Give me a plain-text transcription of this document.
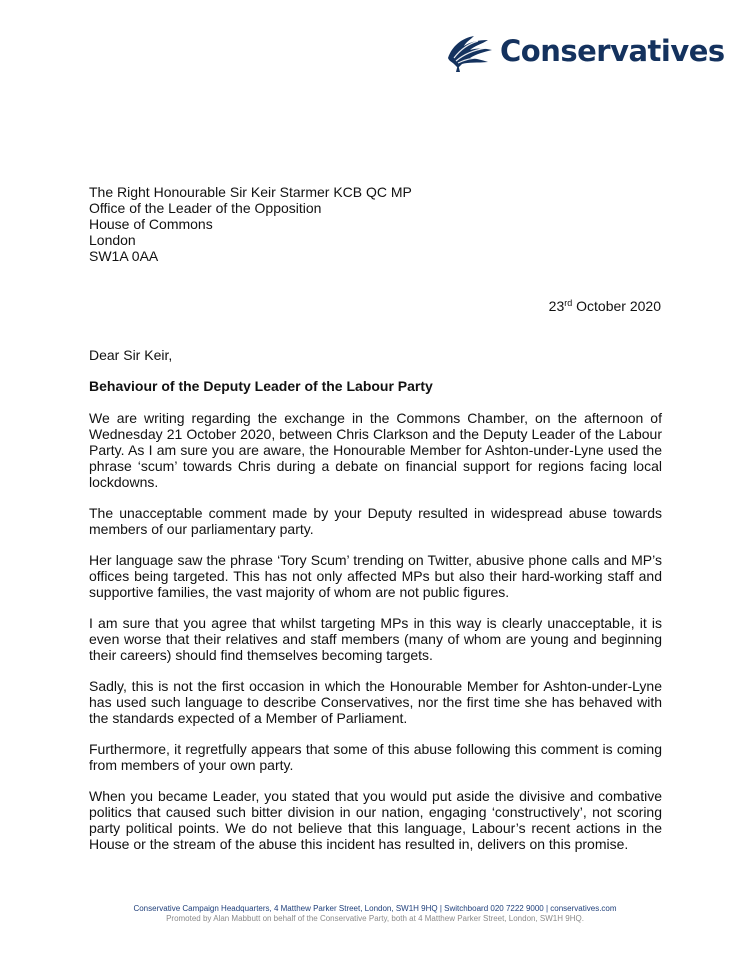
Conservatives
The Right Honourable Sir Keir Starmer KCB QC MP
Office of the Leader of the Opposition
House of Commons
London
SW1A 0AA
23rd October 2020
Dear Sir Keir,
Behaviour of the Deputy Leader of the Labour Party

We are writing regarding the exchange in the Commons Chamber, on the afternoon of Wednesday 21 October 2020, between Chris Clarkson and the Deputy Leader of the Labour Party. As I am sure you are aware, the Honourable Member for Ashton-under-Lyne used the phrase ‘scum’ towards Chris during a debate on financial support for regions facing local lockdowns.

The unacceptable comment made by your Deputy resulted in widespread abuse towards members of our parliamentary party.

Her language saw the phrase ‘Tory Scum’ trending on Twitter, abusive phone calls and MP’s offices being targeted. This has not only affected MPs but also their hard-working staff and supportive families, the vast majority of whom are not public figures.

I am sure that you agree that whilst targeting MPs in this way is clearly unacceptable, it is even worse that their relatives and staff members (many of whom are young and beginning their careers) should find themselves becoming targets.

Sadly, this is not the first occasion in which the Honourable Member for Ashton-under-Lyne has used such language to describe Conservatives, nor the first time she has behaved with the standards expected of a Member of Parliament.

Furthermore, it regretfully appears that some of this abuse following this comment is coming from members of your own party.

When you became Leader, you stated that you would put aside the divisive and combative politics that caused such bitter division in our nation, engaging ‘constructively’, not scoring party political points. We do not believe that this language, Labour’s recent actions in the House or the stream of the abuse this incident has resulted in, delivers on this promise.

Conservative Campaign Headquarters, 4 Matthew Parker Street, London, SW1H 9HQ | Switchboard 020 7222 9000 | conservatives.com
Promoted by Alan Mabbutt on behalf of the Conservative Party, both at 4 Matthew Parker Street, London, SW1H 9HQ.
